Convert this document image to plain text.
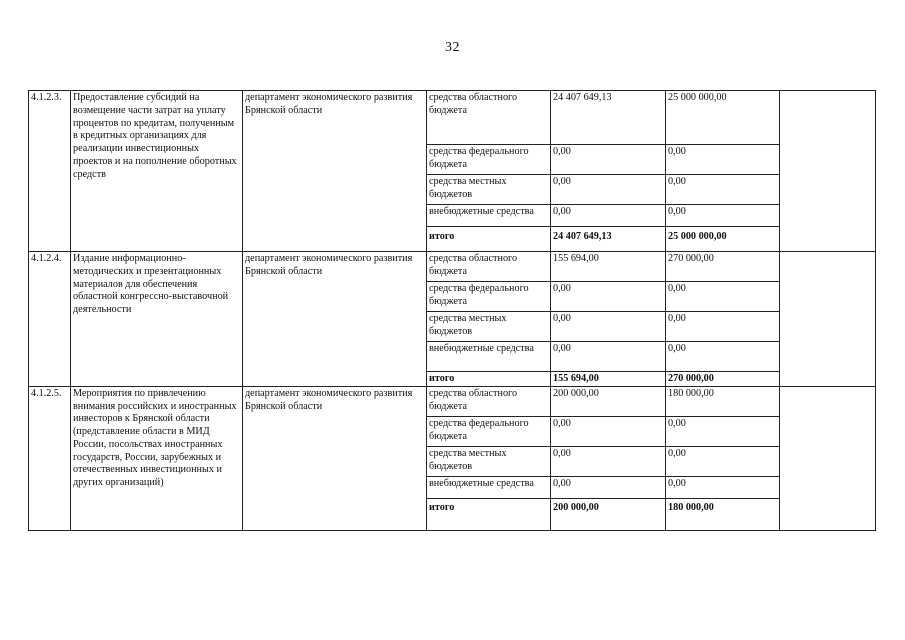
32
4.1.2.3.	Предоставление субсидий на возмещение части затрат на уплату процентов по кредитам, полученным в кредитных организациях для реализации инвестиционных проектов и на пополнение оборотных средств	департамент экономического развития Брянской области	средства областного бюджета	24 407 649,13	25 000 000,00	
			средства федерального бюджета	0,00	0,00	
			средства местных бюджетов	0,00	0,00	
			внебюджетные средства	0,00	0,00	
			итого	24 407 649,13	25 000 000,00	
4.1.2.4.	Издание информационно-методических и презентационных материалов для обеспечения областной конгрессно-выставочной деятельности	департамент экономического развития Брянской области	средства областного бюджета	155 694,00	270 000,00	
			средства федерального бюджета	0,00	0,00	
			средства местных бюджетов	0,00	0,00	
			внебюджетные средства	0,00	0,00	
			итого	155 694,00	270 000,00	
4.1.2.5.	Мероприятия по привлечению внимания российских и иностранных инвесторов к Брянской области (представление области в МИД России, посольствах иностранных государств, России, зарубежных и отечественных инвестиционных и других организаций)	департамент экономического развития Брянской области	средства областного бюджета	200 000,00	180 000,00	
			средства федерального бюджета	0,00	0,00	
			средства местных бюджетов	0,00	0,00	
			внебюджетные средства	0,00	0,00	
			итого	200 000,00	180 000,00	
